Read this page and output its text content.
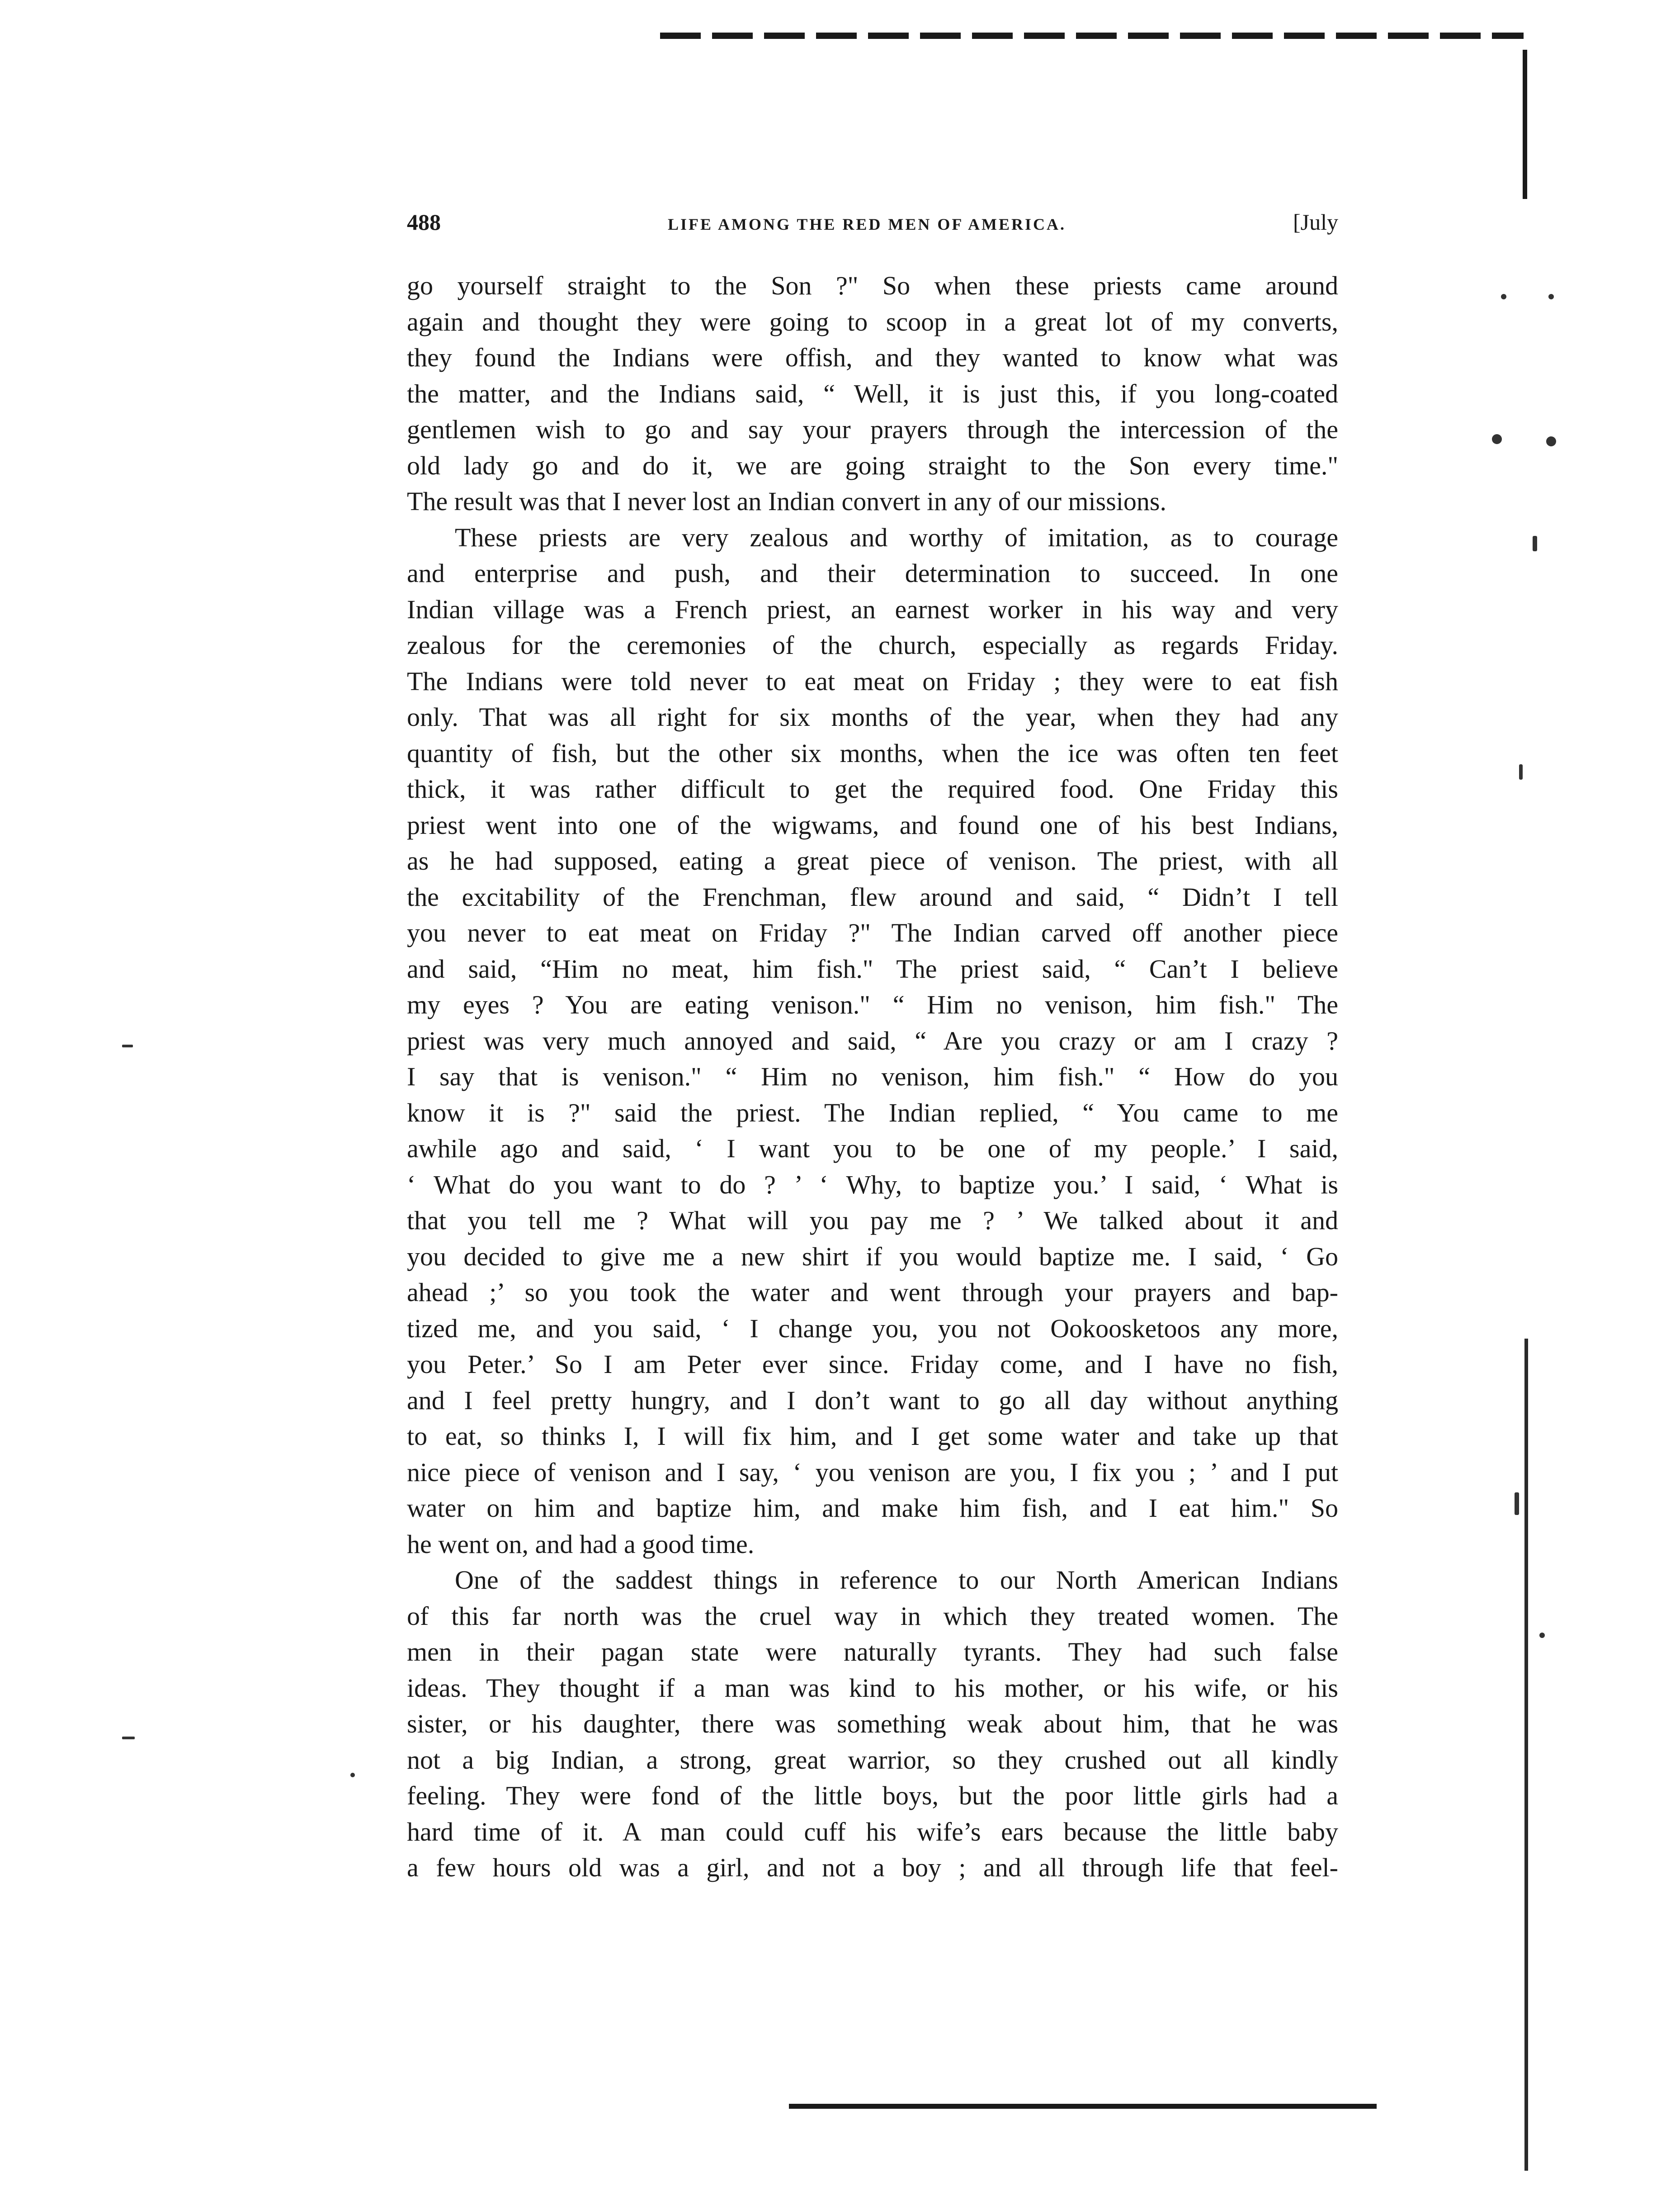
488	LIFE AMONG THE RED MEN OF AMERICA.	[July
go yourself straight to the Son ?" So when these priests came around
again and thought they were going to scoop in a great lot of my converts,
they found the Indians were offish, and they wanted to know what was
the matter, and the Indians said, “ Well, it is just this, if you long-coated
gentlemen wish to go and say your prayers through the intercession of the
old lady go and do it, we are going straight to the Son every time."
The result was that I never lost an Indian convert in any of our missions.
These priests are very zealous and worthy of imitation, as to courage
and enterprise and push, and their determination to succeed. In one
Indian village was a French priest, an earnest worker in his way and very
zealous for the ceremonies of the church, especially as regards Friday.
The Indians were told never to eat meat on Friday ; they were to eat fish
only. That was all right for six months of the year, when they had any
quantity of fish, but the other six months, when the ice was often ten feet
thick, it was rather difficult to get the required food. One Friday this
priest went into one of the wigwams, and found one of his best Indians,
as he had supposed, eating a great piece of venison. The priest, with all
the excitability of the Frenchman, flew around and said, “ Didn’t I tell
you never to eat meat on Friday ?" The Indian carved off another piece
and said, “Him no meat, him fish." The priest said, “ Can’t I believe
my eyes ? You are eating venison." “ Him no venison, him fish." The
priest was very much annoyed and said, “ Are you crazy or am I crazy ?
I say that is venison." “ Him no venison, him fish." “ How do you
know it is ?" said the priest. The Indian replied, “ You came to me
awhile ago and said, ‘ I want you to be one of my people.’ I said,
‘ What do you want to do ? ’ ‘ Why, to baptize you.’ I said, ‘ What is
that you tell me ? What will you pay me ? ’ We talked about it and
you decided to give me a new shirt if you would baptize me. I said, ‘ Go
ahead ;’ so you took the water and went through your prayers and bap-
tized me, and you said, ‘ I change you, you not Ookoosketoos any more,
you Peter.’ So I am Peter ever since. Friday come, and I have no fish,
and I feel pretty hungry, and I don’t want to go all day without anything
to eat, so thinks I, I will fix him, and I get some water and take up that
nice piece of venison and I say, ‘ you venison are you, I fix you ; ’ and I put
water on him and baptize him, and make him fish, and I eat him." So
he went on, and had a good time.
One of the saddest things in reference to our North American Indians
of this far north was the cruel way in which they treated women. The
men in their pagan state were naturally tyrants. They had such false
ideas. They thought if a man was kind to his mother, or his wife, or his
sister, or his daughter, there was something weak about him, that he was
not a big Indian, a strong, great warrior, so they crushed out all kindly
feeling. They were fond of the little boys, but the poor little girls had a
hard time of it. A man could cuff his wife’s ears because the little baby
a few hours old was a girl, and not a boy ; and all through life that feel-
